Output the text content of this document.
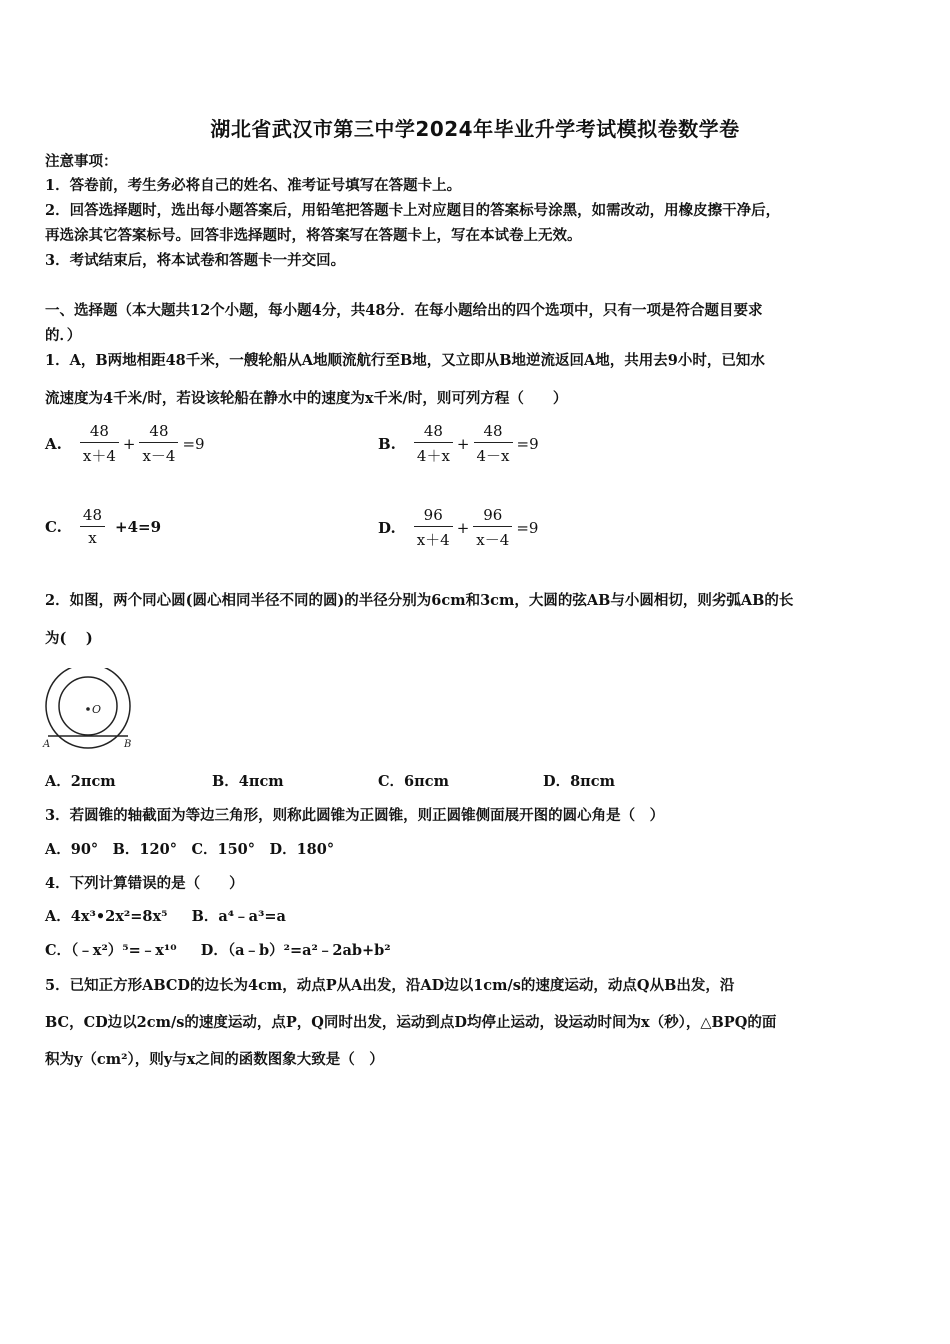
湖北省武汉市第三中学2024年毕业升学考试模拟卷数学卷
注意事项：
1．答卷前，考生务必将自己的姓名、准考证号填写在答题卡上。
2．回答选择题时，选出每小题答案后，用铅笔把答题卡上对应题目的答案标号涂黑，如需改动，用橡皮擦干净后，
再选涂其它答案标号。回答非选择题时，将答案写在答题卡上，写在本试卷上无效。
3．考试结束后，将本试卷和答题卡一并交回。
一、选择题（本大题共12个小题，每小题4分，共48分．在每小题给出的四个选项中，只有一项是符合题目要求
的．）
1．A，B两地相距48千米，一艘轮船从A地顺流航行至B地，又立即从B地逆流返回A地，共用去9小时，已知水
流速度为4千米/时，若设该轮船在静水中的速度为x千米/时，则可列方程（　　）
A. $\frac{48}{x+4} + \frac{48}{x-4} =9$	B. $\frac{48}{4+x} + \frac{48}{4-x} =9$
C. $\frac{48}{x} +4=9$	D. $\frac{96}{x+4} + \frac{96}{x-4} =9$
2．如图，两个同心圆(圆心相同半径不同的圆)的半径分别为6cm和3cm，大圆的弦AB与小圆相切，则劣弧AB的长
为(　 )
O
A	B
A．2πcm	B．4πcm	C．6πcm	D．8πcm
3．若圆锥的轴截面为等边三角形，则称此圆锥为正圆锥，则正圆锥侧面展开图的圆心角是（　）
A．90°　B．120°　C．150°　D．180°
4．下列计算错误的是（　　）
A．4x³•2x²=8x⁵ B．a⁴﹣a³=a
C．（﹣x²）⁵=﹣x¹⁰ D．（a﹣b）²=a²﹣2ab+b²
5．已知正方形ABCD的边长为4cm，动点P从A出发，沿AD边以1cm/s的速度运动，动点Q从B出发，沿
BC，CD边以2cm/s的速度运动，点P，Q同时出发，运动到点D均停止运动，设运动时间为x（秒），△BPQ的面
积为y（cm²），则y与x之间的函数图象大致是（　）
